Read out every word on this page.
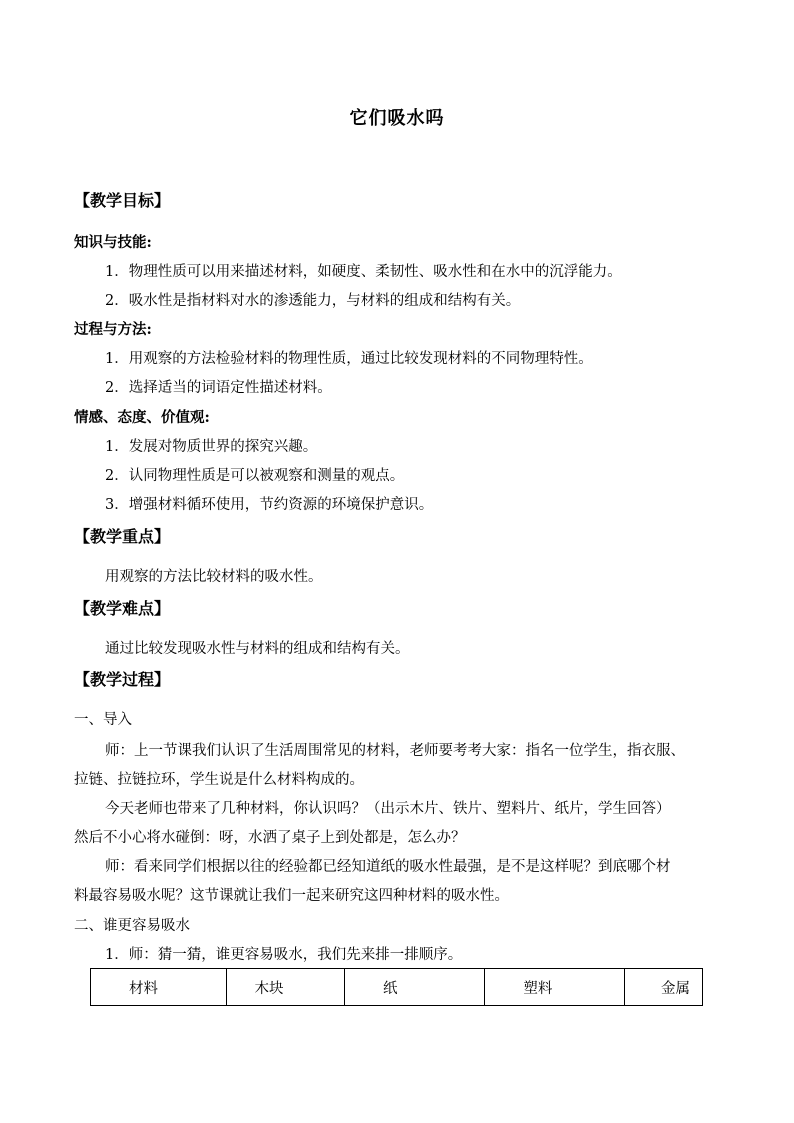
它们吸水吗
【教学目标】
知识与技能:
1．物理性质可以用来描述材料，如硬度、柔韧性、吸水性和在水中的沉浮能力。
2．吸水性是指材料对水的渗透能力，与材料的组成和结构有关。
过程与方法:
1．用观察的方法检验材料的物理性质，通过比较发现材料的不同物理特性。
2．选择适当的词语定性描述材料。
情感、态度、价值观:
1．发展对物质世界的探究兴趣。
2．认同物理性质是可以被观察和测量的观点。
3．增强材料循环使用，节约资源的环境保护意识。
【教学重点】
用观察的方法比较材料的吸水性。
【教学难点】
通过比较发现吸水性与材料的组成和结构有关。
【教学过程】
一、导入
师：上一节课我们认识了生活周围常见的材料，老师要考考大家：指名一位学生，指衣服、
拉链、拉链拉环，学生说是什么材料构成的。
今天老师也带来了几种材料，你认识吗？（出示木片、铁片、塑料片、纸片，学生回答）
然后不小心将水碰倒：呀，水洒了桌子上到处都是，怎么办？
师：看来同学们根据以往的经验都已经知道纸的吸水性最强，是不是这样呢？到底哪个材
料最容易吸水呢？这节课就让我们一起来研究这四种材料的吸水性。
二、谁更容易吸水
1．师：猜一猜，谁更容易吸水，我们先来排一排顺序。
材料	木块	纸	塑料	金属
